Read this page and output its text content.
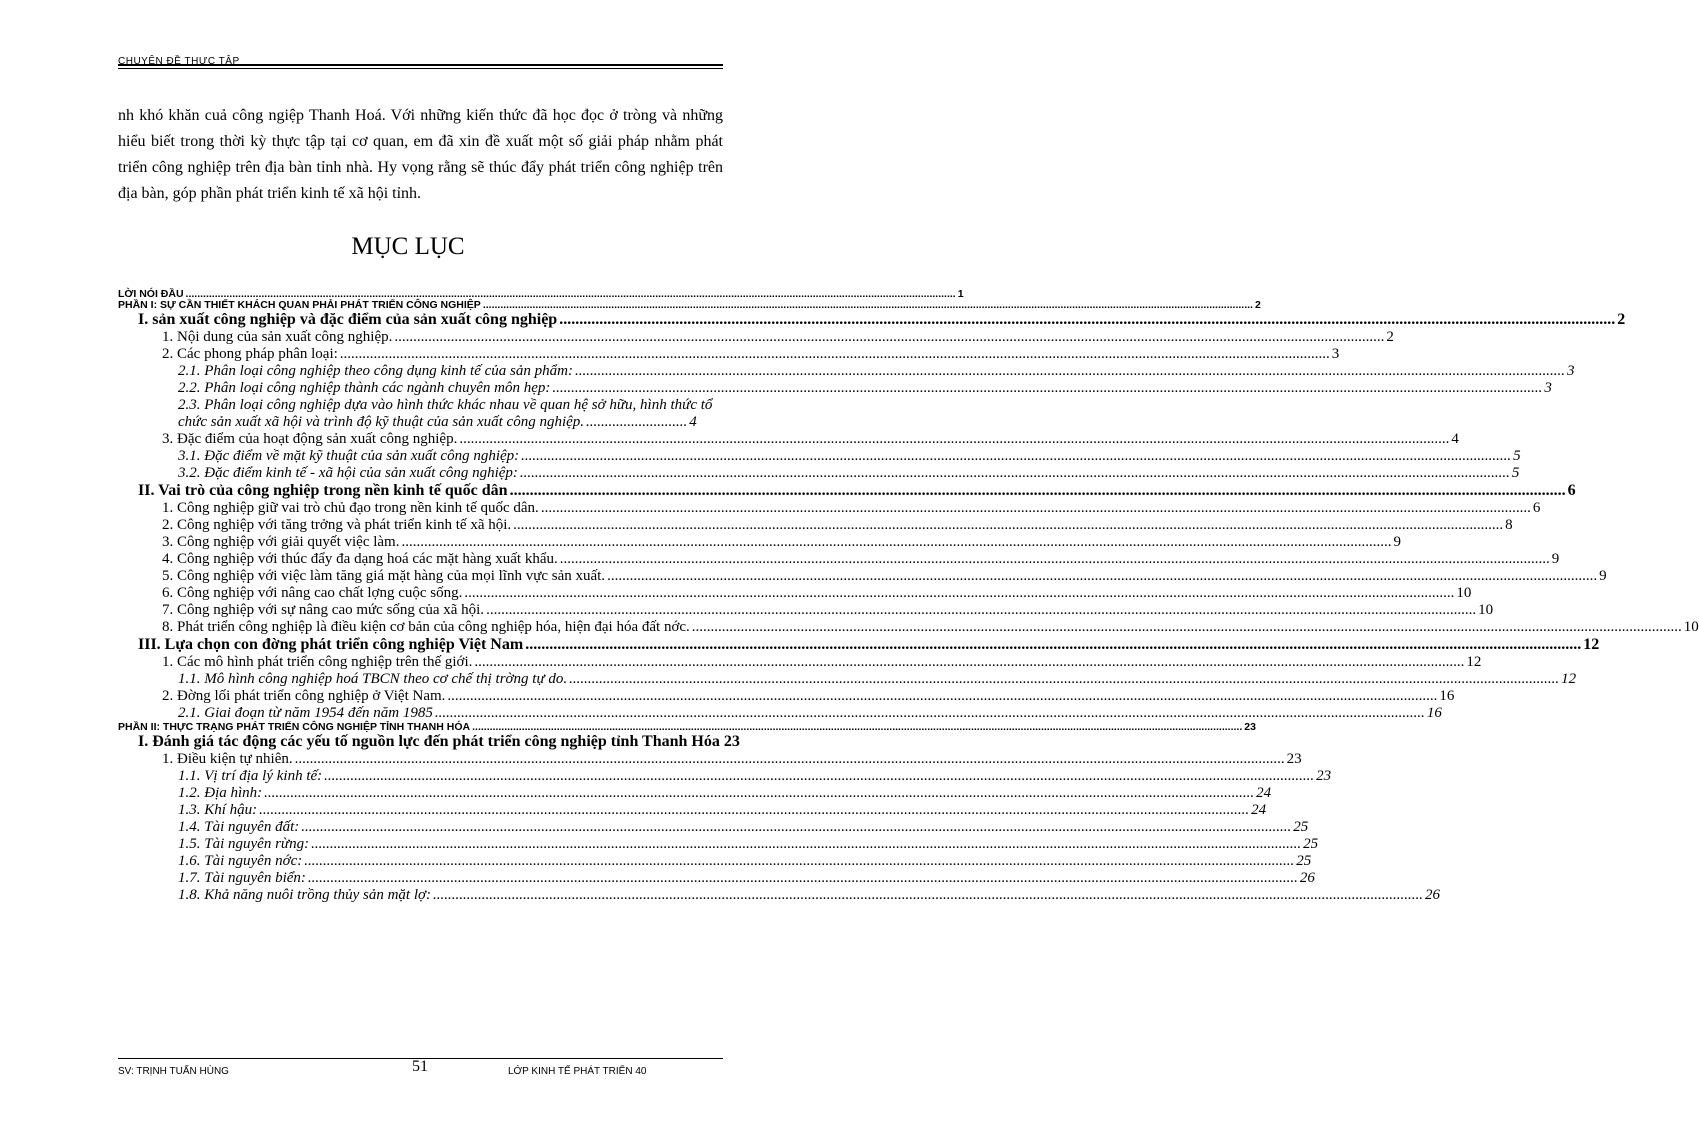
CHUYÊN ĐỀ THỰC TẬP

nh khó khăn cuả công ngiệp Thanh Hoá. Với những kiến thức đã học đọc ở tròng và những hiểu biết trong thời kỳ thực tập tại cơ quan, em đã xin đề xuất một số giải pháp nhằm phát triển công nghiệp trên địa bàn tỉnh nhà. Hy vọng rằng sẽ thúc đẩy phát triển công nghiệp trên địa bàn, góp phần phát triển kinh tế xã hội tỉnh.

MỤC LỤC
LỜI NÓI ĐẦU .....	1
PHẦN I: SỰ CẦN THIẾT KHÁCH QUAN PHẢI PHÁT TRIỂN CÔNG NGHIỆP .....	2
I. sản xuất công nghiệp và đặc điểm của sản xuất công nghiệp .....	2
1. Nội dung của sản xuất công nghiệp. .....	2
2. Các phong pháp phân loại: .....	3
2.1. Phân loại công nghiệp theo công dụng kinh tế của sản phẩm: .....	3
2.2. Phân loại công nghiệp thành các ngành chuyên môn hẹp: .....	3
2.3. Phân loại công nghiệp dựa vào hình thức khác nhau về quan hệ sở hữu, hình thức tổ chức sản xuất xã hội và trình độ kỹ thuật của sản xuất công nghiệp. .....	4
3. Đặc điểm của hoạt động sản xuất công nghiệp. .....	4
3.1. Đặc điểm về mặt kỹ thuật của sản xuất công nghiệp: .....	5
3.2. Đặc điểm kinh tế - xã hội của sản xuất công nghiệp: .....	5
II. Vai trò của công nghiệp trong nền kinh tế quốc dân .....	6
1. Công nghiệp giữ vai trò chủ đạo trong nền kinh tế quốc dân. .....	6
2. Công nghiệp với tăng trởng và phát triển kinh tế xã hội. .....	8
3. Công nghiệp với giải quyết việc làm. .....	9
4. Công nghiệp với thúc đẩy đa dạng hoá các mặt hàng xuất khẩu. .....	9
5. Công nghiệp với việc làm tăng giá mặt hàng của mọi lĩnh vực sản xuất. .....	9
6. Công nghiệp với nâng cao chất lợng cuộc sống. .....	10
7. Công nghiệp với sự nâng cao mức sống của xã hội. .....	10
8. Phát triển công nghiệp là điều kiện cơ bản của công nghiệp hóa, hiện đại hóa đất nớc. .....	10
III. Lựa chọn con đờng phát triển công nghiệp Việt Nam .....	12
1. Các mô hình phát triển công nghiệp trên thế giới. .....	12
1.1. Mô hình công nghiệp hoá TBCN theo cơ chế thị trờng tự do. .....	12
2. Đờng lối phát triển công nghiệp ở Việt Nam. .....	16
2.1. Giai đoạn từ năm 1954 đến năm 1985 .....	16
PHẦN II: THỰC TRẠNG PHÁT TRIỂN CÔNG NGHIỆP TỈNH THANH HÓA .....	23
I. Đánh giá tác động các yếu tố nguồn lực đến phát triển công nghiệp tỉnh Thanh Hóa 23
1. Điều kiện tự nhiên. .....	23
1.1. Vị trí địa lý kinh tế: .....	23
1.2. Địa hình: .....	24
1.3. Khí hậu: .....	24
1.4. Tài nguyên đất: .....	25
1.5. Tài nguyên rừng: .....	25
1.6. Tài nguyên nớc: .....	25
1.7. Tài nguyên biển: .....	26
1.8. Khả năng nuôi trồng thủy sản mặt lợ: .....	26
SV: TRỊNH TUẤN HÙNG	51	LỚP KINH TẾ PHÁT TRIỂN 40
